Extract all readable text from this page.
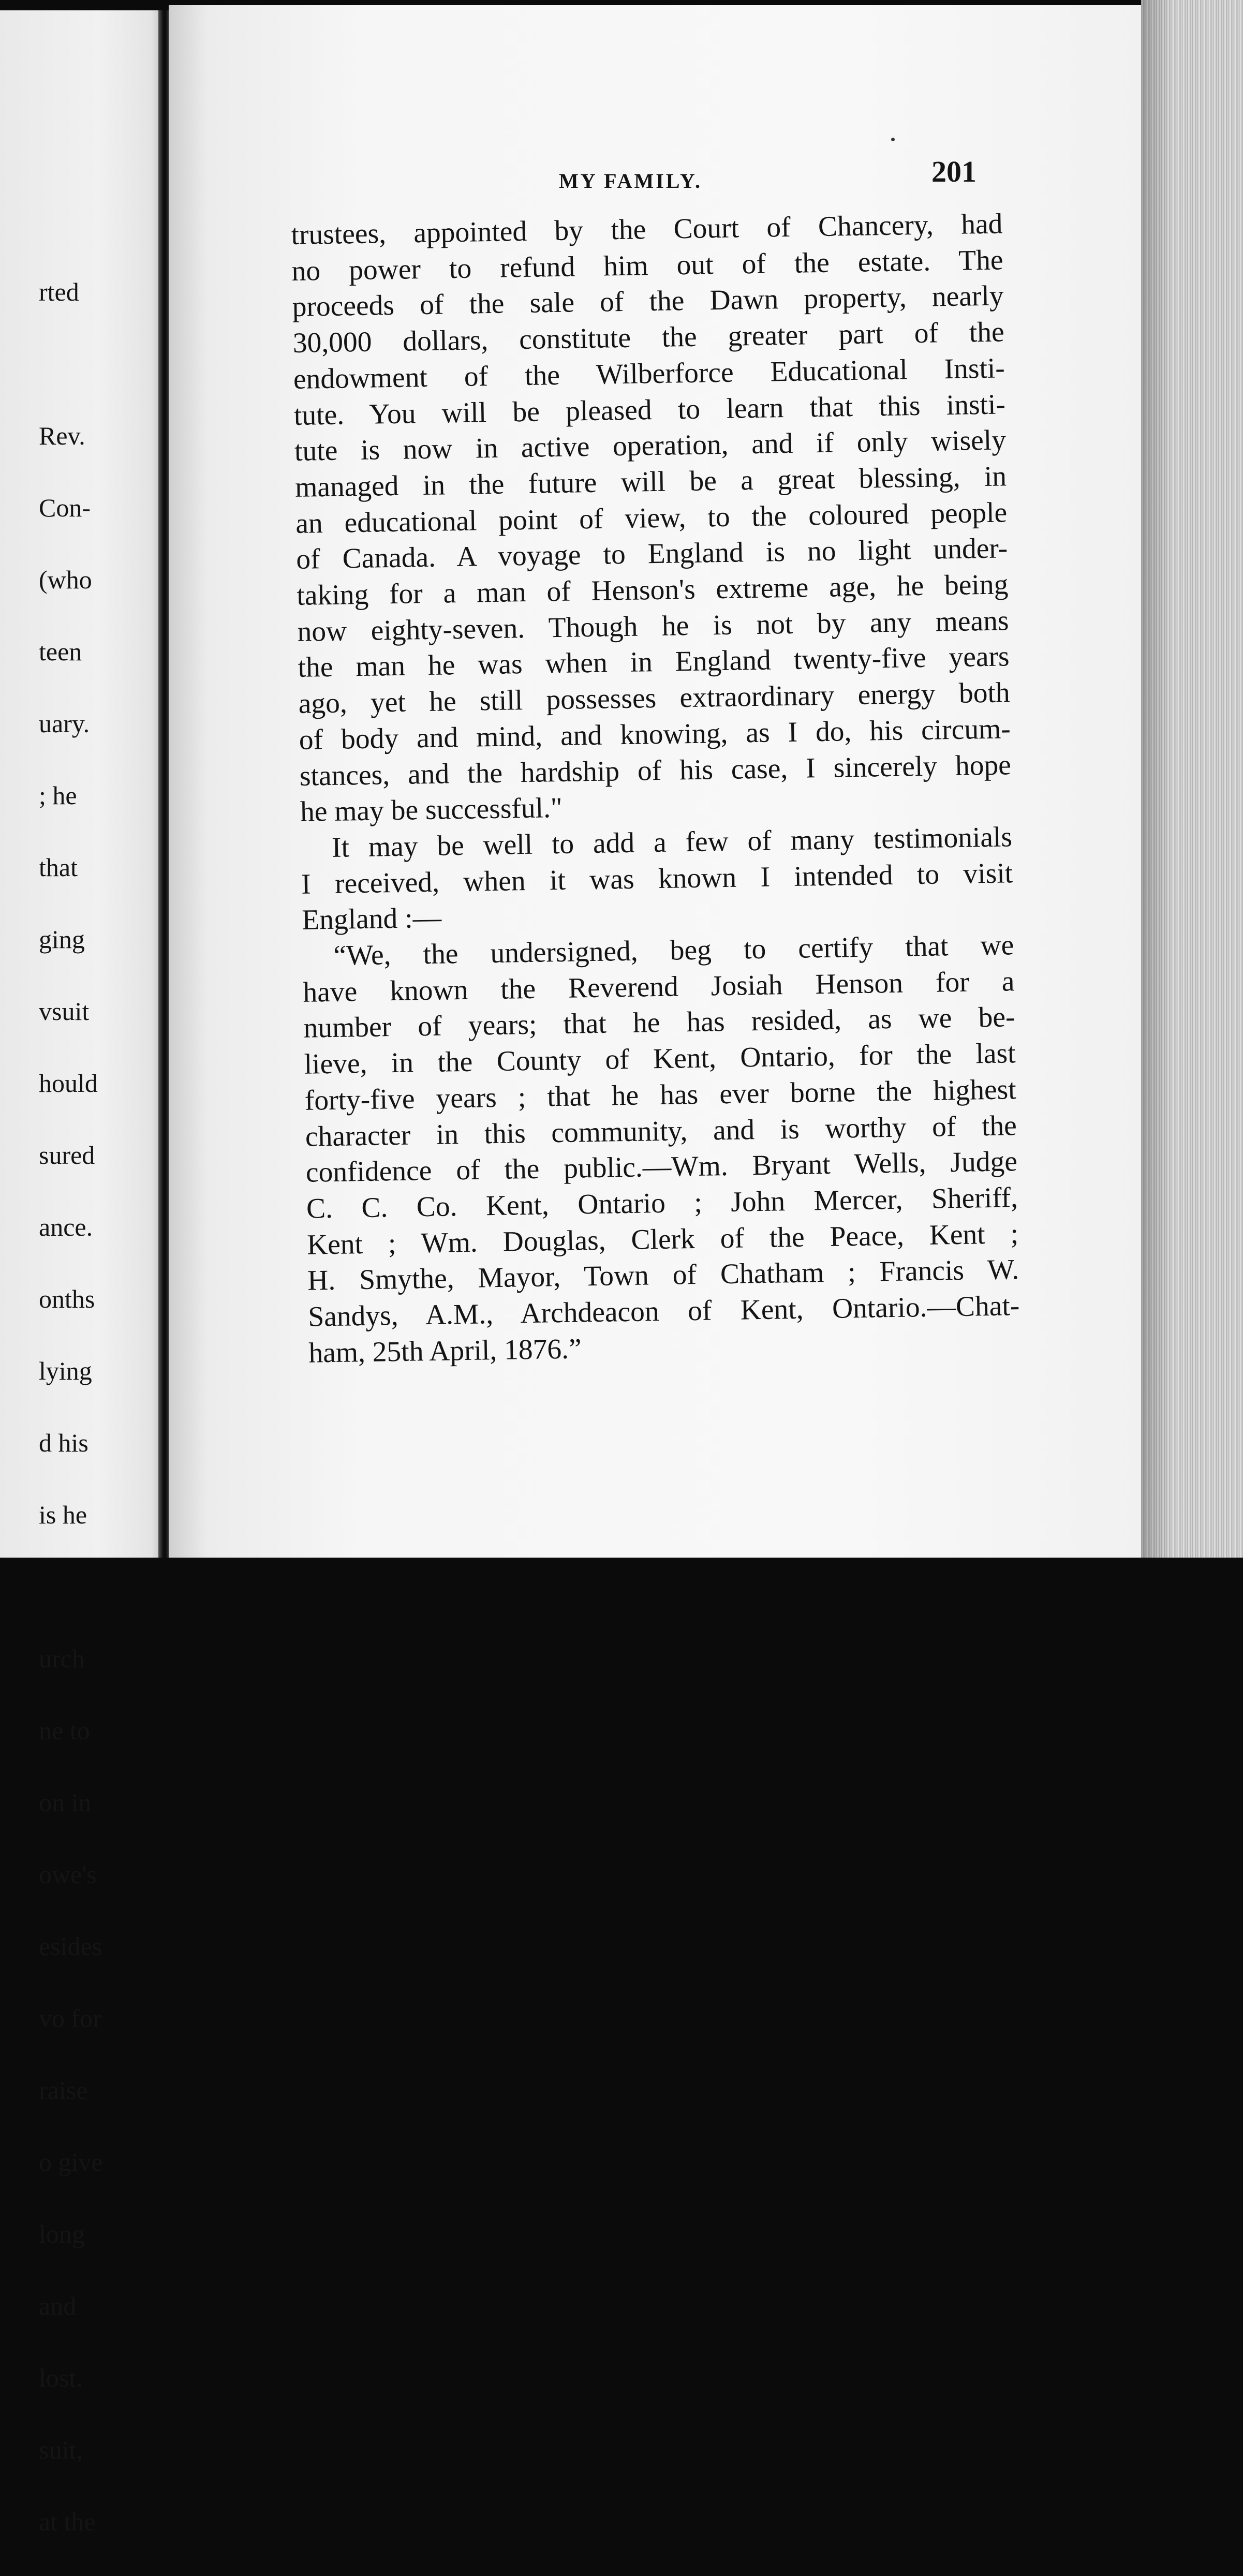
rted

Rev.

Con-

(who

teen

uary.

; he

that

ging

vsuit

hould

sured

ance.

onths

lying

d his

is he

urch

ne to

on in

owe's

esides

vo for

raise

o give

long

and

lost.

suit,

at the

MY FAMILY.	201
trustees, appointed by the Court of Chancery, had
no power to refund him out of the estate. The
proceeds of the sale of the Dawn property, nearly
30,000 dollars, constitute the greater part of the
endowment of the Wilberforce Educational Insti-
tute. You will be pleased to learn that this insti-
tute is now in active operation, and if only wisely
managed in the future will be a great blessing, in
an educational point of view, to the coloured people
of Canada. A voyage to England is no light under-
taking for a man of Henson's extreme age, he being
now eighty-seven. Though he is not by any means
the man he was when in England twenty-five years
ago, yet he still possesses extraordinary energy both
of body and mind, and knowing, as I do, his circum-
stances, and the hardship of his case, I sincerely hope
he may be successful."
It may be well to add a few of many testimonials
I received, when it was known I intended to visit
England :—
“We, the undersigned, beg to certify that we
have known the Reverend Josiah Henson for a
number of years; that he has resided, as we be-
lieve, in the County of Kent, Ontario, for the last
forty-five years ; that he has ever borne the highest
character in this community, and is worthy of the
confidence of the public.—Wm. Bryant Wells, Judge
C. C. Co. Kent, Ontario ; John Mercer, Sheriff,
Kent ; Wm. Douglas, Clerk of the Peace, Kent ;
H. Smythe, Mayor, Town of Chatham ; Francis W.
Sandys, A.M., Archdeacon of Kent, Ontario.—Chat-
ham, 25th April, 1876.”
